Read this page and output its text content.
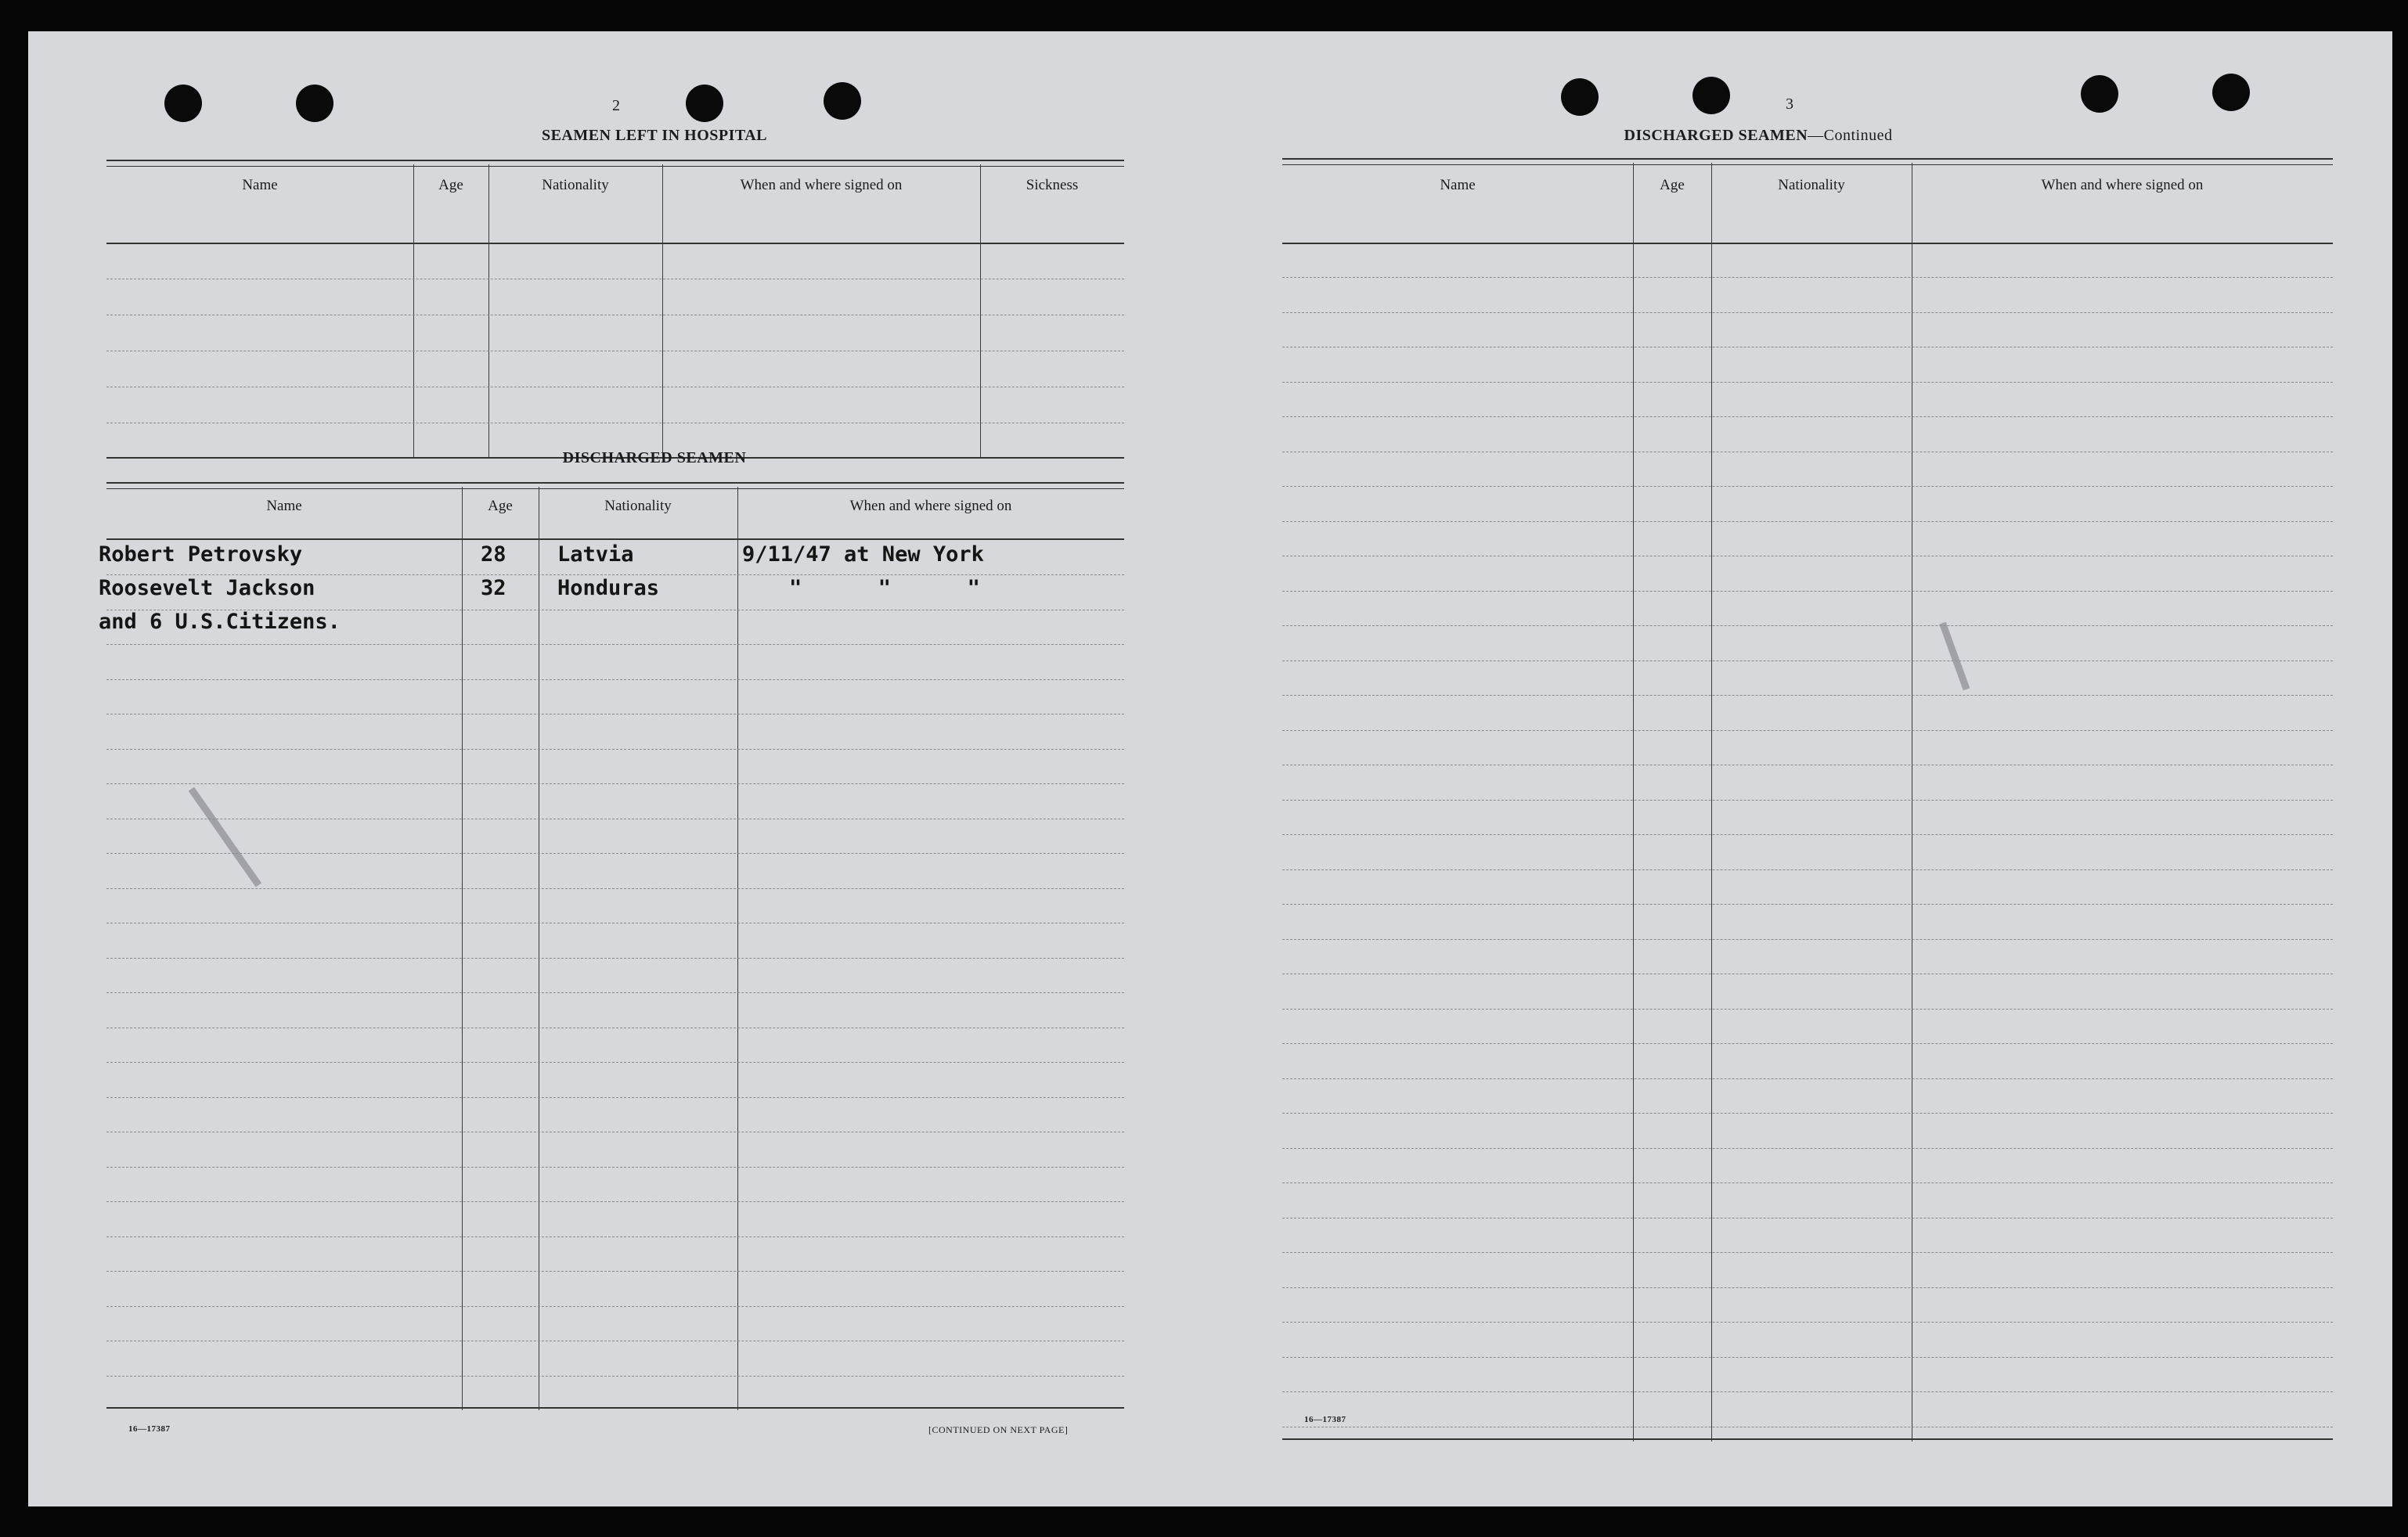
▬▬▬▬▬
▬▬▬
2
SEAMEN LEFT IN HOSPITAL
Name	Age	Nationality	When and where signed on	Sickness
DISCHARGED SEAMEN
Name	Age	Nationality	When and where signed on
Robert Petrovsky	28 Latvia	9/11/47 at New York
Roosevelt Jackson	32 Honduras	"      "      "
and 6 U.S.Citizens.
16—17387	[CONTINUED ON NEXT PAGE]
3
DISCHARGED SEAMEN—Continued
Name	Age	Nationality	When and where signed on
16—17387
